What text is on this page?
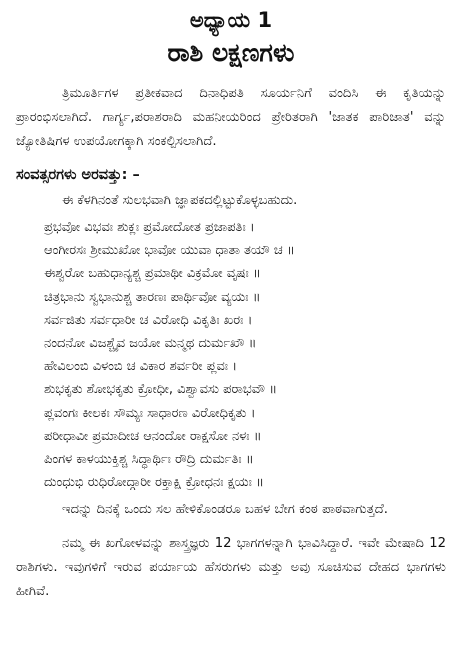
ಅಧ್ಯಾಯ 1
ರಾಶಿ ಲಕ್ಷಣಗಳು

ತ್ರಿಮೂರ್ತಿಗಳ ಪ್ರತೀಕವಾದ ದಿನಾಧಿಪತಿ ಸೂರ್ಯನಿಗೆ ವಂದಿಸಿ ಈ ಕೃತಿಯನ್ನು ಪ್ರಾರಂಭಿಸಲಾಗಿದೆ. ಗಾರ್ಗ್ಯ,ಪರಾಶರಾದಿ ಮಹನೀಯರಿಂದ ಪ್ರೇರಿತರಾಗಿ 'ಜಾತಕ ಪಾರಿಜಾತ' ವನ್ನು ಜ್ಯೋತಿಷಿಗಳ ಉಪಯೋಗಕ್ಕಾಗಿ ಸಂಕಲ್ಪಿಸಲಾಗಿದೆ.

ಸಂವತ್ಸರಗಳು ಅರವತ್ತು: –
ಈ ಕೆಳಗಿನಂತೆ ಸುಲಭವಾಗಿ ಜ್ಞಾಪಕದಲ್ಲಿಟ್ಟುಕೊಳ್ಳಬಹುದು.
ಪ್ರಭವೋ ವಿಭವಃ ಶುಕ್ಲಃ ಪ್ರಮೋದೋತ ಪ್ರಜಾಪತಿಃ ।
ಆಂಗೀರಸಃ ಶ್ರೀಮುಖೋ ಭಾವೋ ಯುವಾ ಧಾತಾ ತಯೌ ಚ ॥
ಈಶ್ವರೋ ಬಹುಧಾನ್ಯಶ್ಚ ಪ್ರಮಾಥೀ ವಿಕ್ರಮೋ ವೃಷಃ ॥
ಚಿತ್ರಭಾನು ಸ್ವಭಾನುಶ್ಚ ತಾರಣಃ ಪಾರ್ಥಿವೋ ವ್ಯಯಃ ॥
ಸರ್ವಜಿತು ಸರ್ವಧಾರೀ ಚ ವಿರೋಧಿ ವಿಕೃತಿಃ ಖರಃ ।
ನಂದನೋ ವಿಜಶ್ಚೈವ ಜಯೋ ಮನ್ಮಥ ದುರ್ಮಖೌ ॥
ಹೇವಿಲಂಬಿ ವಿಳಂಬಿ ಚ ವಿಕಾರ ಶರ್ವರೀ ಪ್ಲವಃ ।
ಶುಭಕೃತು ಶೋಭಕೃತು ಕ್ರೋಧೀ, ವಿಶ್ವಾವಸು ಪರಾಭವೌ ॥
ಪ್ಲವಂಗಃ ಕೀಲಕಃ ಸೌಮ್ಯಃ ಸಾಧಾರಣ ವಿರೋಧಿಕೃತು ।
ಪರೀಧಾವೀ ಪ್ರಮಾದೀಚ ಆನಂದೋ ರಾಕ್ಷಸೋ ನಳಃ ॥
ಪಿಂಗಳ ಕಾಳಯುಕ್ತಿಶ್ಚ ಸಿದ್ಧಾರ್ಥಿಃ ರೌದ್ರಿ ದುರ್ಮತಿಃ ॥
ದುಂಧುಭಿ ರುಧಿರೋದ್ಗಾರೀ ರಕ್ತಾಕ್ಷಿ ಕ್ರೋಧನಃ ಕ್ಷಯಃ ॥

ಇದನ್ನು ದಿನಕ್ಕೆ ಒಂದು ಸಲ ಹೇಳಿಕೊಂಡರೂ ಬಹಳ ಬೇಗ ಕಂಠ ಪಾಠವಾಗುತ್ತದೆ.

ನಮ್ಮ ಈ ಖಗೋಳವನ್ನು ಶಾಸ್ತ್ರಜ್ಞರು 12 ಭಾಗಗಳನ್ನಾಗಿ ಭಾವಿಸಿದ್ದಾರೆ. ಇವೇ ಮೇಷಾದಿ 12 ರಾಶಿಗಳು. ಇವುಗಳಿಗೆ ಇರುವ ಪರ್ಯಾಯ ಹೆಸರುಗಳು ಮತ್ತು ಅವು ಸೂಚಿಸುವ ದೇಹದ ಭಾಗಗಳು ಹೀಗಿವೆ.
